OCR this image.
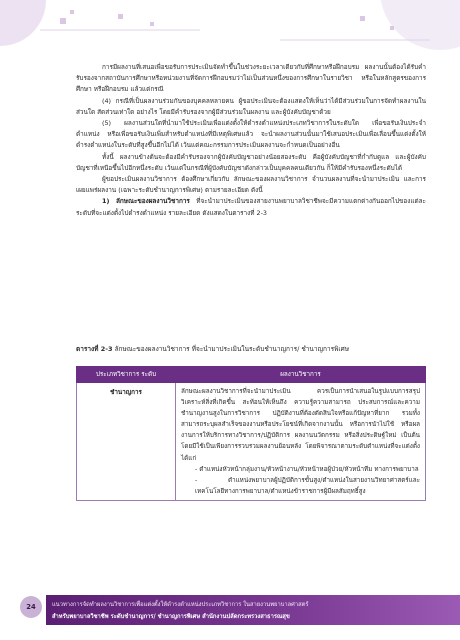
การมีผลงานที่เสนอเพื่อขอรับการประเมินจัดทำขึ้นในช่วงระยะเวลาเดียวกับที่ศึกษาหรือฝึกอบรม ผลงานนั้นต้องได้รับคำรับรองจากสถาบันการศึกษาหรือหน่วยงานที่จัดการฝึกอบรมว่าไม่เป็นส่วนหนึ่งของการศึกษาในรายวิชา หรือในหลักสูตรของการศึกษา หรือฝึกอบรม แล้วแต่กรณี

(4) กรณีที่เป็นผลงานร่วมกันของบุคคลหลายคน ผู้ขอประเมินจะต้องแสดงให้เห็นว่าได้มีส่วนร่วมในการจัดทำผลงานในส่วนใด สัดส่วนเท่าใด อย่างไร โดยมีคำรับรองจากผู้มีส่วนร่วมในผลงาน และผู้บังคับบัญชาด้วย

(5) ผลงานส่วนใดที่นำมาใช้ประเมินเพื่อแต่งตั้งให้ดำรงตำแหน่งประเภทวิชาการในระดับใด เพื่อขอรับเงินประจำตำแหน่ง หรือเพื่อขอรับเงินเพิ่มสำหรับตำแหน่งที่มีเหตุพิเศษแล้ว จะนำผลงานส่วนนั้นมาใช้เสนอประเมินเพื่อเลื่อนขึ้นแต่งตั้งให้ดำรงตำแหน่งในระดับที่สูงขึ้นอีกไม่ได้ เว้นแต่คณะกรรมการประเมินผลงานจะกำหนดเป็นอย่างอื่น

ทั้งนี้ ผลงานข้างต้นจะต้องมีคำรับรองจากผู้บังคับบัญชาอย่างน้อยสองระดับ คือผู้บังคับบัญชาที่กำกับดูแล และผู้บังคับบัญชาที่เหนือขึ้นไปอีกหนึ่งระดับ เว้นแต่ในกรณีที่ผู้บังคับบัญชาดังกล่าวเป็นบุคคลคนเดียวกัน ก็ให้มีคำรับรองหนึ่งระดับได้

ผู้ขอประเมินผลงานวิชาการ ต้องศึกษาเกี่ยวกับ ลักษณะของผลงานวิชาการ จำนวนผลงานที่จะนำมาประเมิน และการเผยแพร่ผลงาน (เฉพาะระดับชำนาญการพิเศษ) ตามรายละเอียด ดังนี้

1) ลักษณะของผลงานวิชาการ ที่จะนำมาประเมินของสายงานพยาบาลวิชาชีพจะมีความแตกต่างกันออกไปของแต่ละระดับที่จะแต่งตั้งไปดำรงตำแหน่ง รายละเอียด ดังแสดงในตารางที่ 2-3

ตารางที่ 2-3 ลักษณะของผลงานวิชาการ ที่จะนำมาประเมินในระดับชำนาญการ/ ชำนาญการพิเศษ
ประเภทวิชาการ ระดับ	ผลงานวิชาการ
ชำนาญการ	ลักษณะผลงานวิชาการที่จะนำมาประเมิน ควรเป็นการนำเสนอในรูปแบบการสรุปวิเคราะห์สิ่งที่เกิดขึ้น สะท้อนให้เห็นถึง ความรู้ความสามารถ ประสบการณ์และความชำนาญงานสูงในการวิชาการ ปฏิบัติงานที่ต้องตัดสินใจหรือแก้ปัญหาที่ยาก รวมทั้งสามารถระบุผลสำเร็จของงานหรือประโยชน์ที่เกิดจากงานนั้น หรือการนำไปใช้ หรือผลงานการให้บริการทางวิชาการ/ปฏิบัติการ ผลงานนวัตกรรม หรือสิ่งประดิษฐ์ใหม่ เป็นต้น โดยมีใช้เป็นเพียงการรวบรวมผลงานย้อนหลัง โดยพิจารณาตามระดับตำแหน่งที่จะแต่งตั้ง ได้แก่

- ตำแหน่งหัวหน้ากลุ่มงาน/หัวหน้างาน/หัวหน้าหอผู้ป่วย/หัวหน้าทีม ทางการพยาบาล

- ตำแหน่งพยาบาลผู้ปฏิบัติการขั้นสูง/ตำแหน่งในสายงานวิทยาศาสตร์และเทคโนโลยีทางการพยาบาล/ตำแหน่งข้าราชการผู้มีผลสัมฤทธิ์สูง

24	แนวทางการจัดทำผลงานวิชาการเพื่อแต่งตั้งให้ดำรงตำแหน่งประเภทวิชาการ ในสายงานพยาบาลศาสตร์
สำหรับพยาบาลวิชาชีพ ระดับชำนาญการ/ ชำนาญการพิเศษ สำนักงานปลัดกระทรวงสาธารณสุข
